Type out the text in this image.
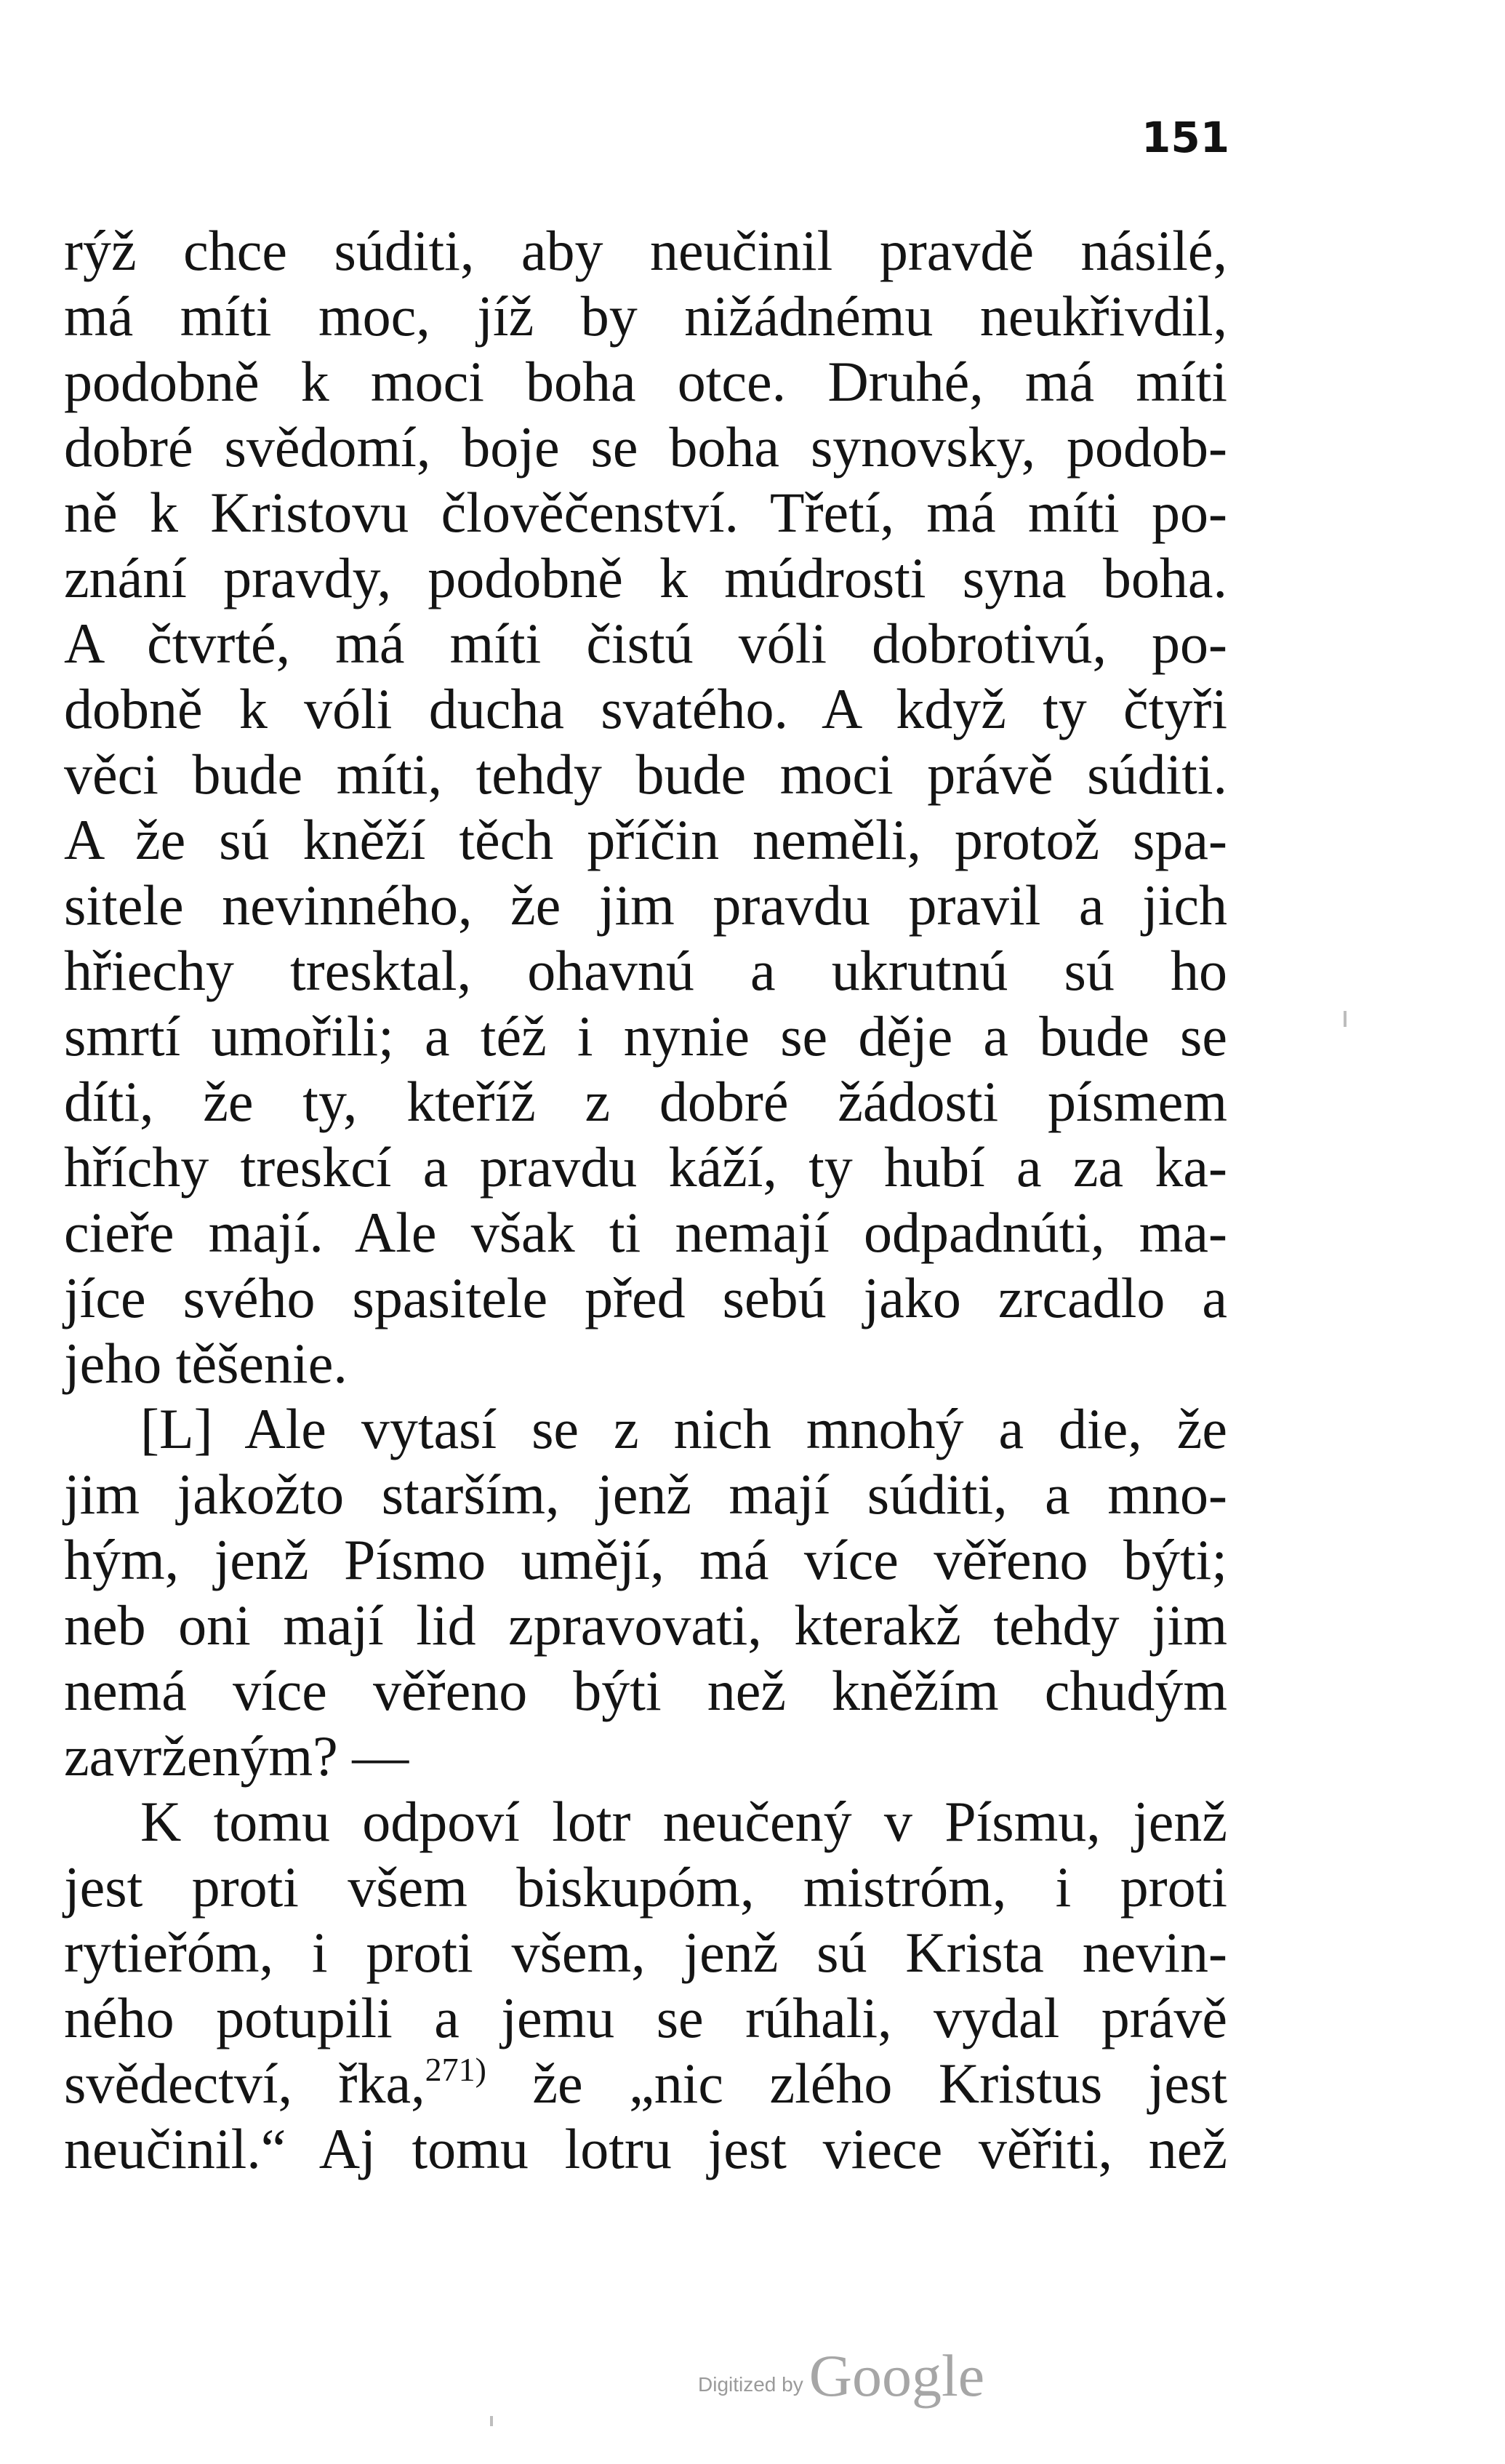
151
rýž chce súditi, aby neučinil pravdě násilé,
má míti moc, jíž by nižádnému neukřivdil,
podobně k moci boha otce. Druhé, má míti
dobré svědomí, boje se boha synovsky, podob-
ně k Kristovu člověčenství. Třetí, má míti po-
znání pravdy, podobně k múdrosti syna boha.
A čtvrté, má míti čistú vóli dobrotivú, po-
dobně k vóli ducha svatého. A když ty čtyři
věci bude míti, tehdy bude moci právě súditi.
A že sú kněží těch příčin neměli, protož spa-
sitele nevinného, že jim pravdu pravil a jich
hřiechy tresktal, ohavnú a ukrutnú sú ho
smrtí umořili; a též i nynie se děje a bude se
díti, že ty, kteříž z dobré žádosti písmem
hříchy treskcí a pravdu káží, ty hubí a za ka-
cieře mají. Ale však ti nemají odpadnúti, ma-
jíce svého spasitele před sebú jako zrcadlo a
jeho těšenie.
[L] Ale vytasí se z nich mnohý a die, že
jim jakožto starším, jenž mají súditi, a mno-
hým, jenž Písmo umějí, má více věřeno býti;
neb oni mají lid zpravovati, kterakž tehdy jim
nemá více věřeno býti než kněžím chudým
zavrženým? —
K tomu odpoví lotr neučený v Písmu, jenž
jest proti všem biskupóm, mistróm, i proti
rytieřóm, i proti všem, jenž sú Krista nevin-
ného potupili a jemu se rúhali, vydal právě
svědectví, řka,$^{271)}$ že „nic zlého Kristus jest
neučinil.“ Aj tomu lotru jest viece věřiti, než
Digitized byGoogle
